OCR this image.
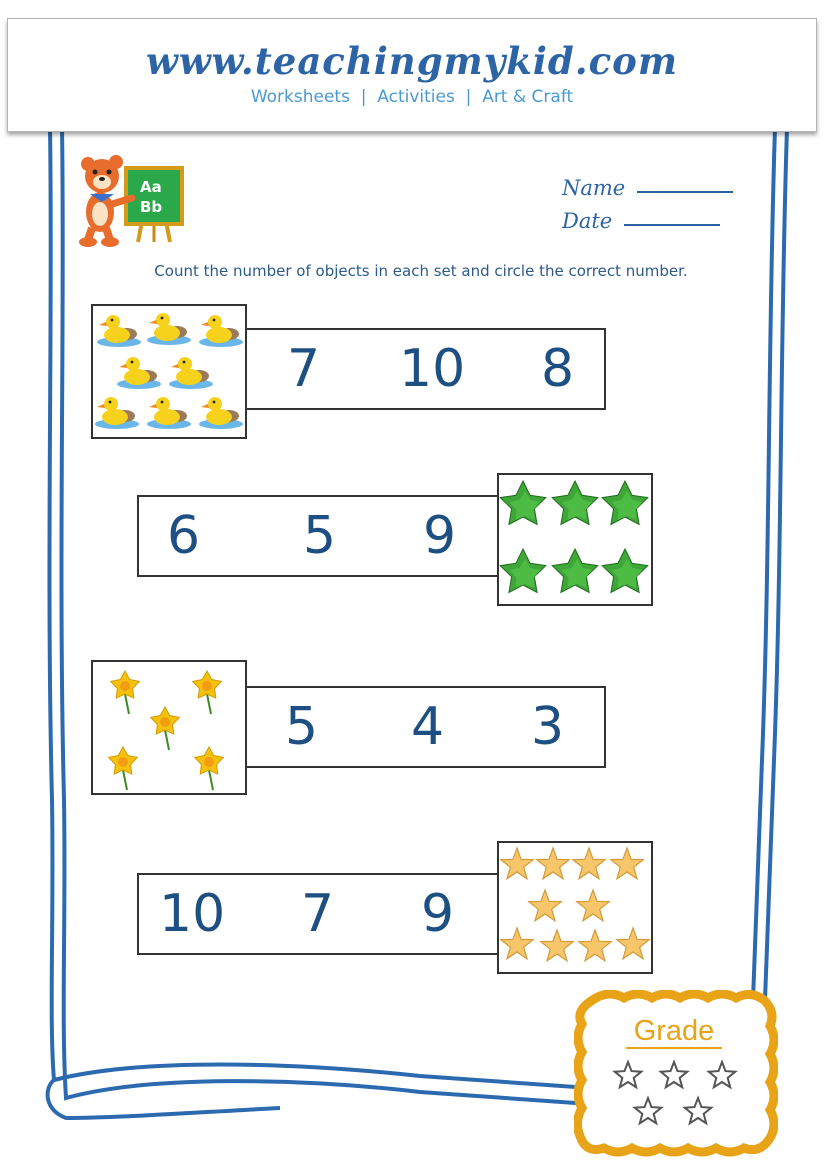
www.teachingmykid.com
Worksheets  |  Activities  |  Art & Craft
Aa
Bb
Name
Date
Count the number of objects in each set and circle the correct number.
7 10 8
6 5 9
5 4 3
10 7 9
Grade
